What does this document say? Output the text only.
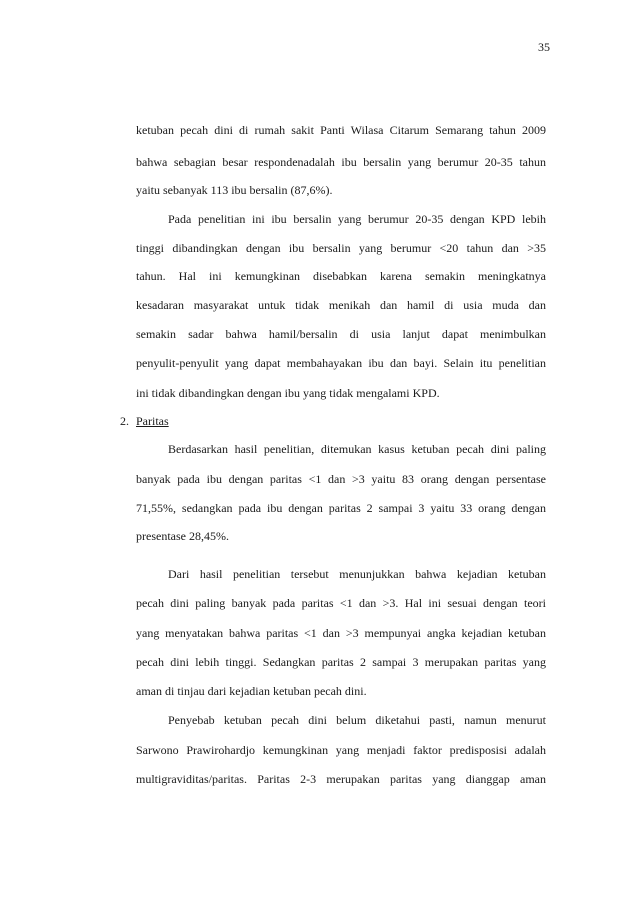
35
ketuban pecah dini di rumah sakit Panti Wilasa Citarum Semarang tahun 2009
bahwa sebagian besar respondenadalah ibu bersalin yang berumur 20-35 tahun
yaitu sebanyak 113 ibu bersalin (87,6%).
Pada penelitian ini ibu bersalin yang berumur 20-35 dengan KPD lebih
tinggi dibandingkan dengan ibu bersalin yang berumur <20 tahun dan >35
tahun. Hal ini kemungkinan disebabkan karena semakin meningkatnya
kesadaran masyarakat untuk tidak menikah dan hamil di usia muda dan
semakin sadar bahwa hamil/bersalin di usia lanjut dapat menimbulkan
penyulit-penyulit yang dapat membahayakan ibu dan bayi. Selain itu penelitian
ini tidak dibandingkan dengan ibu yang tidak mengalami KPD.
2. Paritas
Berdasarkan hasil penelitian, ditemukan kasus ketuban pecah dini paling
banyak pada ibu dengan paritas <1 dan >3 yaitu 83 orang dengan persentase
71,55%, sedangkan pada ibu dengan paritas 2 sampai 3 yaitu 33 orang dengan
presentase 28,45%.
Dari hasil penelitian tersebut menunjukkan bahwa kejadian ketuban
pecah dini paling banyak pada paritas <1 dan >3. Hal ini sesuai dengan teori
yang menyatakan bahwa paritas <1 dan >3 mempunyai angka kejadian ketuban
pecah dini lebih tinggi. Sedangkan paritas 2 sampai 3 merupakan paritas yang
aman di tinjau dari kejadian ketuban pecah dini.
Penyebab ketuban pecah dini belum diketahui pasti, namun menurut
Sarwono Prawirohardjo kemungkinan yang menjadi faktor predisposisi adalah
multigraviditas/paritas. Paritas 2-3 merupakan paritas yang dianggap aman
